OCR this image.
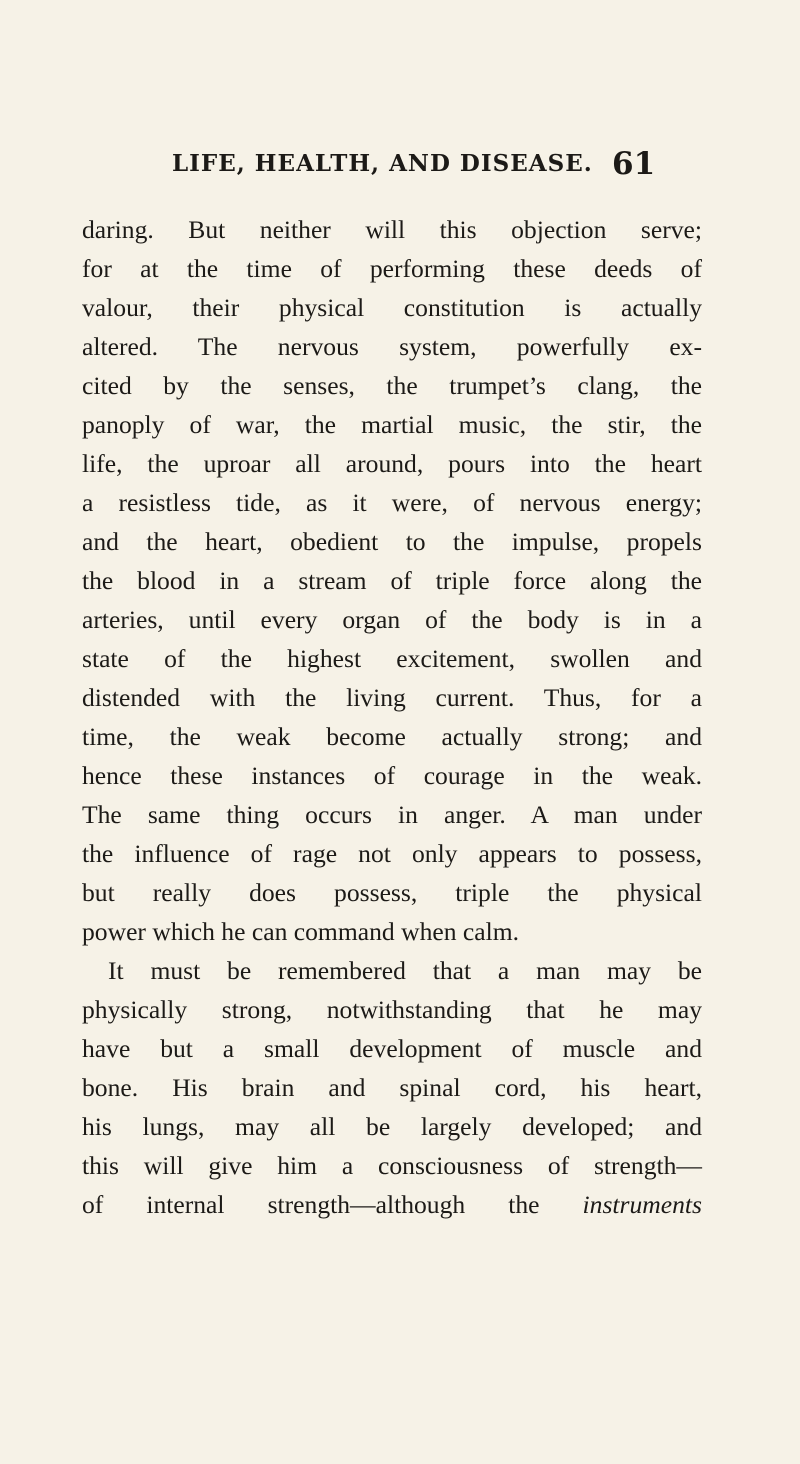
LIFE, HEALTH, AND DISEASE. 61
daring. But neither will this objection serve;
for at the time of performing these deeds of
valour, their physical constitution is actually
altered. The nervous system, powerfully ex-
cited by the senses, the trumpet’s clang, the
panoply of war, the martial music, the stir, the
life, the uproar all around, pours into the heart
a resistless tide, as it were, of nervous energy;
and the heart, obedient to the impulse, propels
the blood in a stream of triple force along the
arteries, until every organ of the body is in a
state of the highest excitement, swollen and
distended with the living current. Thus, for a
time, the weak become actually strong; and
hence these instances of courage in the weak.
The same thing occurs in anger. A man under
the influence of rage not only appears to possess,
but really does possess, triple the physical
power which he can command when calm.
It must be remembered that a man may be
physically strong, notwithstanding that he may
have but a small development of muscle and
bone. His brain and spinal cord, his heart,
his lungs, may all be largely developed; and
this will give him a consciousness of strength—
of internal strength—although the instruments
